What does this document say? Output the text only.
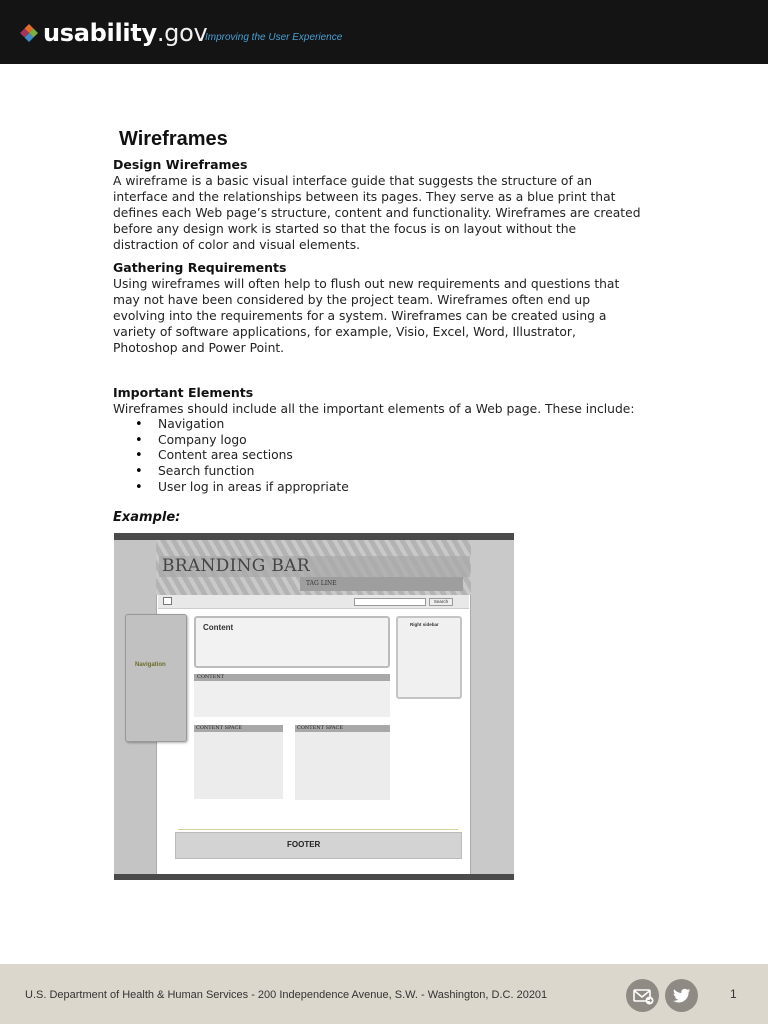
usability.gov
Improving the User Experience
Wireframes
Design Wireframes
A wireframe is a basic visual interface guide that suggests the structure of an
interface and the relationships between its pages. They serve as a blue print that
defines each Web page’s structure, content and functionality. Wireframes are created
before any design work is started so that the focus is on layout without the
distraction of color and visual elements.
Gathering Requirements
Using wireframes will often help to flush out new requirements and questions that
may not have been considered by the project team. Wireframes often end up
evolving into the requirements for a system. Wireframes can be created using a
variety of software applications, for example, Visio, Excel, Word, Illustrator,
Photoshop and Power Point.
Important Elements
Wireframes should include all the important elements of a Web page. These include:
• Navigation
• Company logo
• Content area sections
• Search function
• User log in areas if appropriate
Example:
BRANDING BAR
TAG LINE
Search
Navigation
Content
CONTENT
CONTENT SPACE	CONTENT SPACE
Right sidebar
FOOTER
U.S. Department of Health & Human Services - 200 Independence Avenue, S.W. - Washington, D.C. 20201	1
